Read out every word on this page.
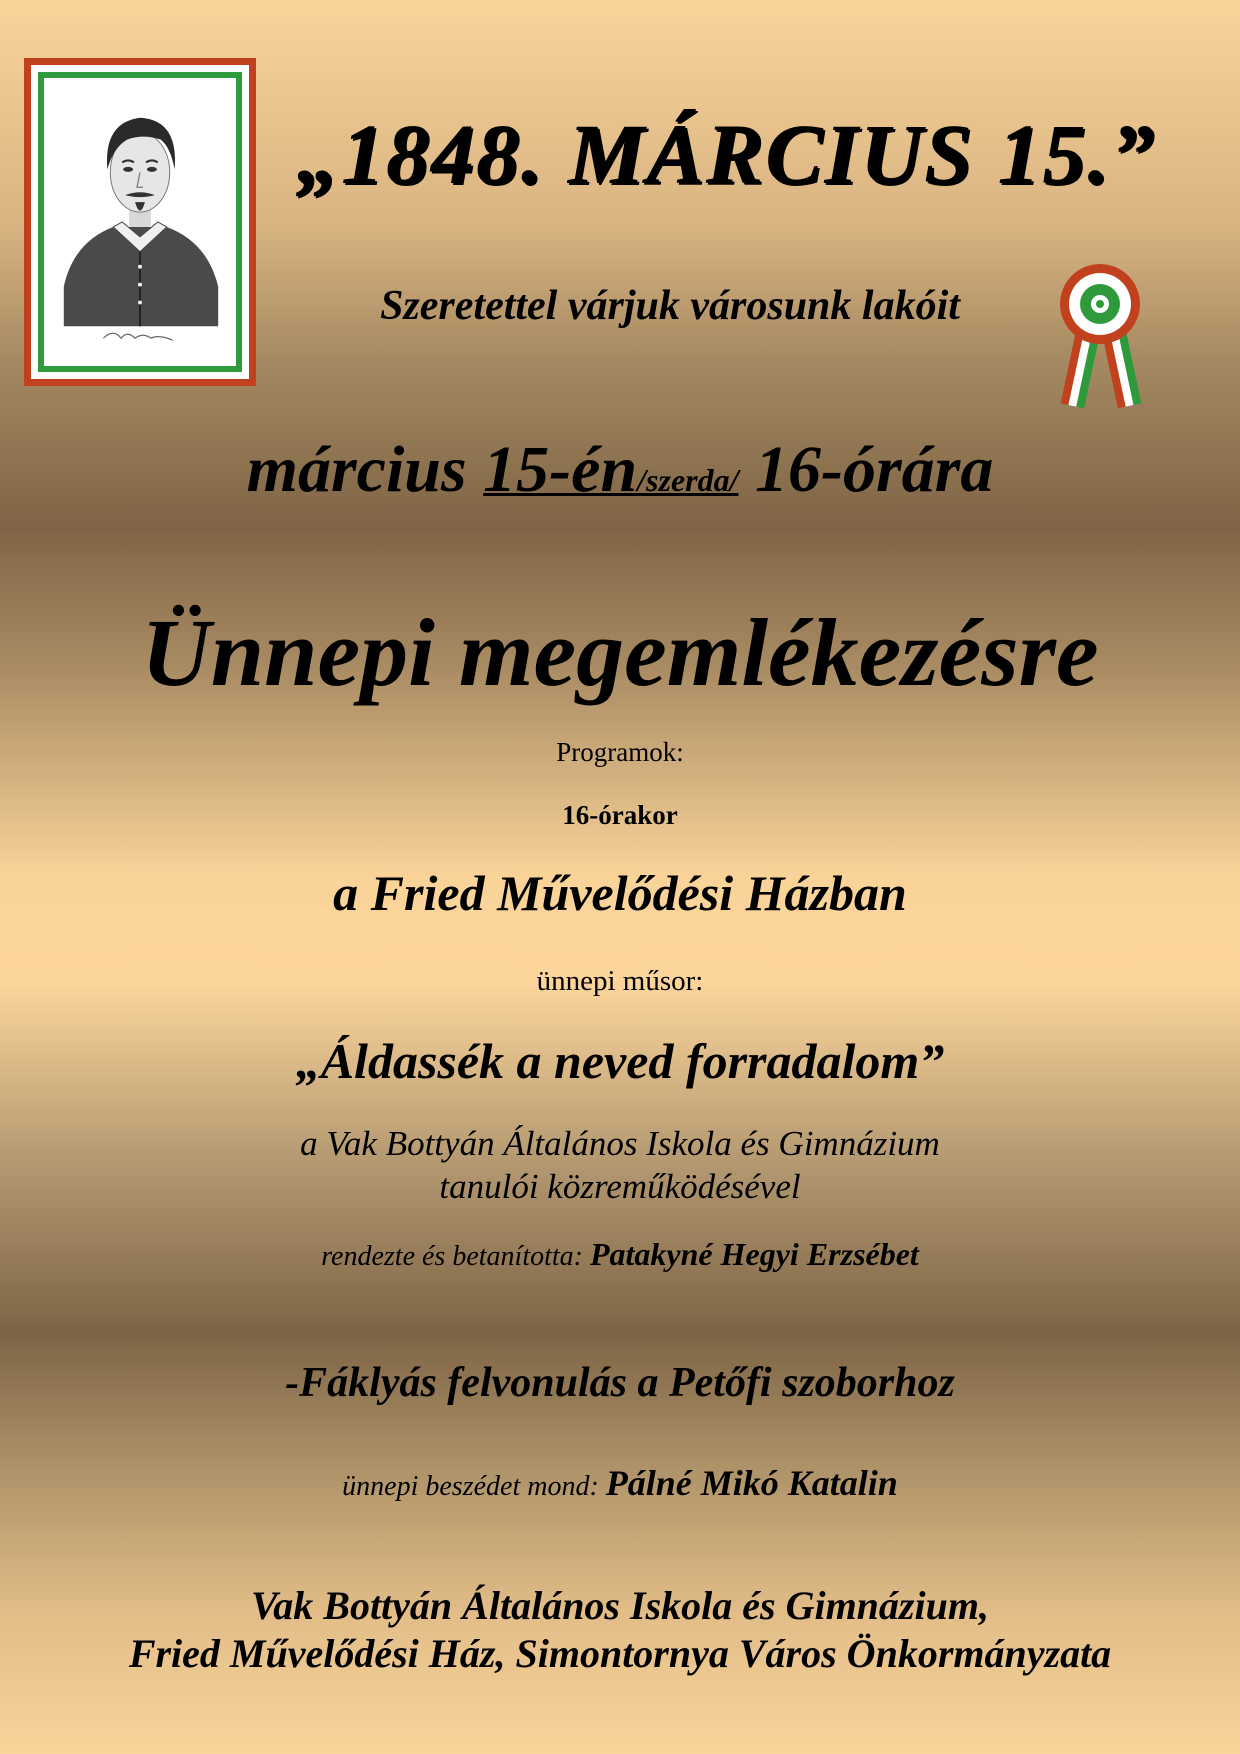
„1848. MÁRCIUS 15.”
Szeretettel várjuk városunk lakóit
március 15-én/szerda/ 16-órára
Ünnepi megemlékezésre
Programok:
16-órakor
a Fried Művelődési Házban
ünnepi műsor:
„Áldassék a neved forradalom”
a Vak Bottyán Általános Iskola és Gimnázium
tanulói közreműködésével
rendezte és betanította: Patakyné Hegyi Erzsébet
-Fáklyás felvonulás a Petőfi szoborhoz
ünnepi beszédet mond: Pálné Mikó Katalin
Vak Bottyán Általános Iskola és Gimnázium,
Fried Művelődési Ház, Simontornya Város Önkormányzata
